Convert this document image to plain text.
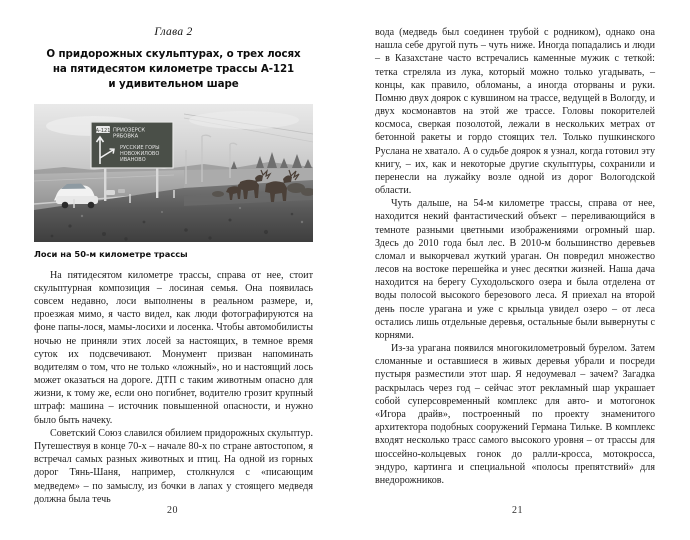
Глава 2
О придорожных скульптурах, о трех лосях
на пятидесятом километре трассы А-121
и удивительном шаре
А-121 ПРИОЗЕРСК
РЯБОВКА
РУССКИЕ ГОРЫ
НОВОЖИЛОВО
ИВАНОВО
Лоси на 50-м километре трассы

На пятидесятом километре трассы, справа от нее, стоит скульптурная композиция – лосиная семья. Она появилась совсем недавно, лоси выполнены в реальном размере, и, проезжая мимо, я часто видел, как люди фотографируются на фоне папы-лося, мамы-лосихи и лосенка. Чтобы автомобилисты ночью не приняли этих лосей за настоящих, в темное время суток их подсвечивают. Монумент призван напоминать водителям о том, что не только «ложный», но и настоящий лось может оказаться на дороге. ДТП с таким животным опасно для жизни, к тому же, если оно погибнет, водителю грозит крупный штраф: машина – источник повышенной опасности, и нужно было быть начеку.

Советский Союз славился обилием придорожных скульптур. Путешествуя в конце 70-х – начале 80-х по стране автостопом, я встречал самых разных животных и птиц. На одной из горных дорог Тянь-Шаня, например, столкнулся с «писающим медведем» – по замыслу, из бочки в лапах у стоящего медведя должна была течь

20

вода (медведь был соединен трубой с родником), однако она нашла себе другой путь – чуть ниже. Иногда попадались и люди – в Казахстане часто встречались каменные мужик с теткой: тетка стреляла из лука, который можно только угадывать, – концы, как правило, обломаны, а иногда оторваны и руки. Помню двух доярок с кувшином на трассе, ведущей в Вологду, и двух космонавтов на этой же трассе. Головы покорителей космоса, сверкая позолотой, лежали в нескольких метрах от бетонной ракеты и гордо стоящих тел. Только пушкинского Руслана не хватало. А о судьбе доярок я узнал, когда готовил эту книгу, – их, как и некоторые другие скульптуры, сохранили и перенесли на лужайку возле одной из дорог Вологодской области.

Чуть дальше, на 54-м километре трассы, справа от нее, находится некий фантастический объект – переливающийся в темноте разными цветными изображениями огромный шар. Здесь до 2010 года был лес. В 2010-м большинство деревьев сломал и выкорчевал жуткий ураган. Он повредил множество лесов на востоке перешейка и унес десятки жизней. Наша дача находится на берегу Суходольского озера и была отделена от воды полосой высокого березового леса. Я приехал на второй день после урагана и уже с крыльца увидел озеро – от леса остались лишь отдельные деревья, остальные были вывернуты с корнями.

Из-за урагана появился многокилометровый бурелом. Затем сломанные и оставшиеся в живых деревья убрали и посреди пустыря разместили этот шар. Я недоумевал – зачем? Загадка раскрылась через год – сейчас этот рекламный шар украшает собой суперсовременный комплекс для авто- и мотогонок «Игора драйв», построенный по проекту знаменитого архитектора подобных сооружений Германа Тильке. В комплекс входят несколько трасс самого высокого уровня – от трассы для шоссейно-кольцевых гонок до ралли-кросса, мотокросса, эндуро, картинга и специальной «полосы препятствий» для внедорожников.

21
